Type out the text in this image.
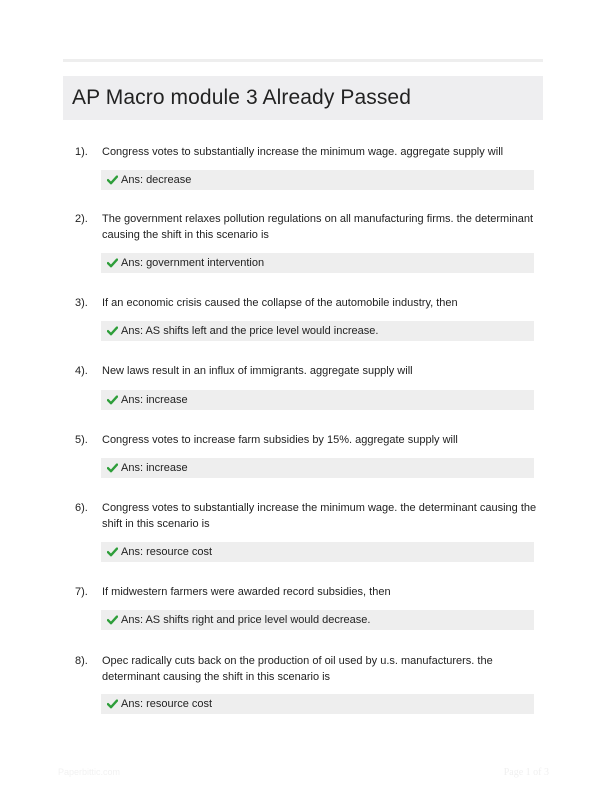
AP Macro module 3 Already Passed
1).	Congress votes to substantially increase the minimum wage. aggregate supply will
Ans: decrease
2).	The government relaxes pollution regulations on all manufacturing firms. the determinant causing the shift in this scenario is
Ans: government intervention
3).	If an economic crisis caused the collapse of the automobile industry, then
Ans: AS shifts left and the price level would increase.
4).	New laws result in an influx of immigrants. aggregate supply will
Ans: increase
5).	Congress votes to increase farm subsidies by 15%. aggregate supply will
Ans: increase
6).	Congress votes to substantially increase the minimum wage. the determinant causing the shift in this scenario is
Ans: resource cost
7).	If midwestern farmers were awarded record subsidies, then
Ans: AS shifts right and price level would decrease.
8).	Opec radically cuts back on the production of oil used by u.s. manufacturers. the determinant causing the shift in this scenario is
Ans: resource cost
Paperbittic.com	Page 1 of 3
